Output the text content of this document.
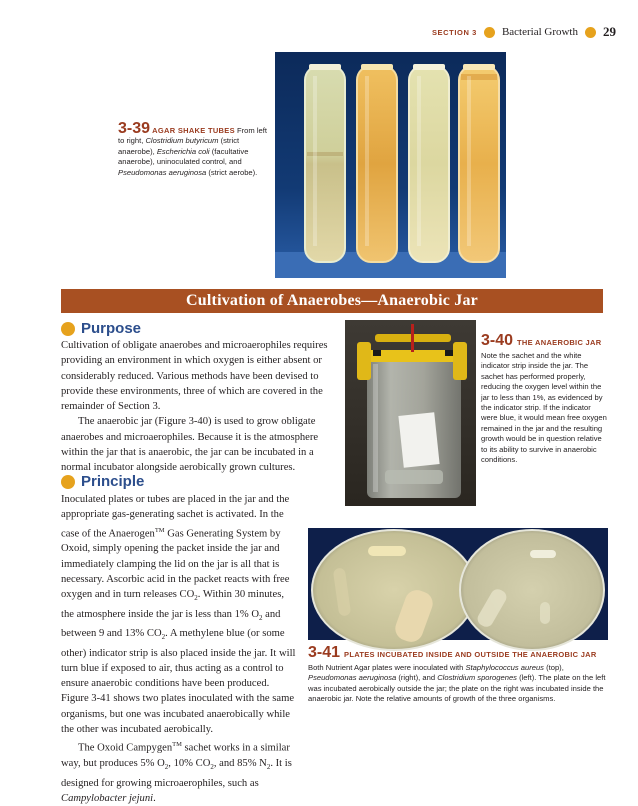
SECTION 3 Bacterial Growth 29
3-39 AGAR SHAKE TUBES From left to right, Clostridium butyricum (strict anaerobe), Escherichia coli (facultative anaerobe), uninoculated control, and Pseudomonas aeruginosa (strict aerobe).
Cultivation of Anaerobes—Anaerobic Jar
Purpose

Cultivation of obligate anaerobes and microaerophiles requires providing an environment in which oxygen is either absent or considerably reduced. Various methods have been devised to provide these environments, three of which are covered in the remainder of Section 3.

The anaerobic jar (Figure 3-40) is used to grow obligate anaerobes and microaerophiles. Because it is the atmosphere within the jar that is anaerobic, the jar can be incubated in a normal incubator alongside aerobically grown cultures.

Principle

Inoculated plates or tubes are placed in the jar and the appropriate gas-generating sachet is activated. In the case of the Anaerogen™ Gas Generating System by Oxoid, simply opening the packet inside the jar and immediately clamping the lid on the jar is all that is necessary. Ascorbic acid in the packet reacts with free oxygen and in turn releases $CO_2$. Within 30 minutes, the atmosphere inside the jar is less than 1% $O_2$ and between 9 and 13% $CO_2$. A methylene blue (or some other) indicator strip is also placed inside the jar. It will turn blue if exposed to air, thus acting as a control to ensure anaerobic conditions have been produced. Figure 3-41 shows two plates inoculated with the same organisms, but one was incubated anaerobically while the other was incubated aerobically.

The Oxoid Campygen™ sachet works in a similar way, but produces 5% $O_2$, 10% $CO_2$, and 85% $N_2$. It is designed for growing microaerophiles, such as Campylobacter jejuni.

3-40 THE ANAEROBIC JAR
Note the sachet and the white indicator strip inside the jar. The sachet has performed properly, reducing the oxygen level within the jar to less than 1%, as evidenced by the indicator strip. If the indicator were blue, it would mean free oxygen remained in the jar and the resulting growth would be in question relative to its ability to survive in anaerobic conditions.
3-41 PLATES INCUBATED INSIDE AND OUTSIDE THE ANAEROBIC JAR
Both Nutrient Agar plates were inoculated with Staphylococcus aureus (top), Pseudomonas aeruginosa (right), and Clostridium sporogenes (left). The plate on the left was incubated aerobically outside the jar; the plate on the right was incubated inside the anaerobic jar. Note the relative amounts of growth of the three organisms.
